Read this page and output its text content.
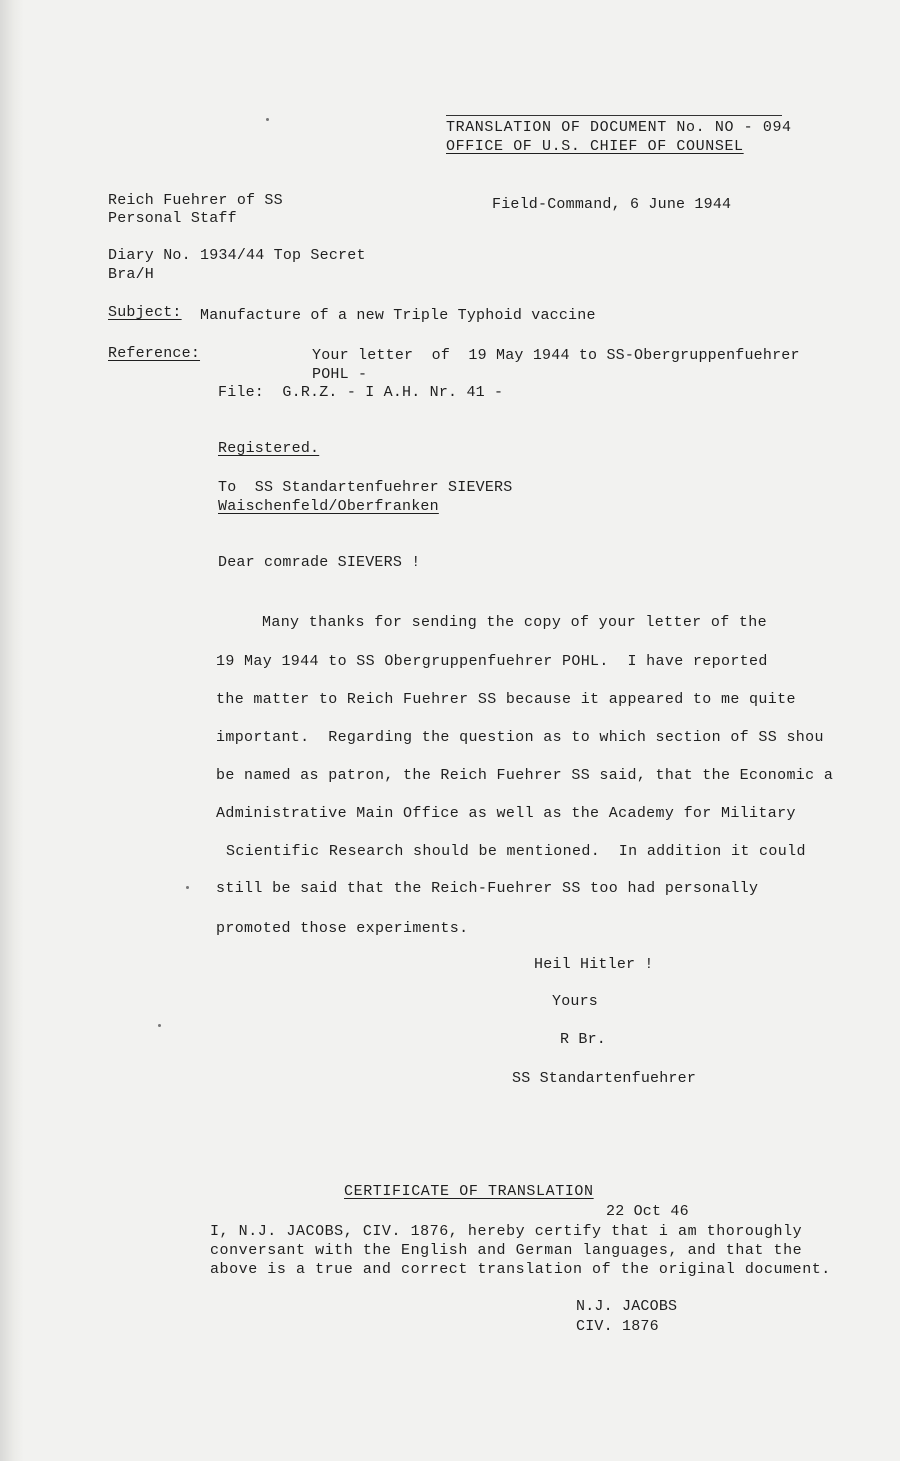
TRANSLATION OF DOCUMENT No. NO - 094
OFFICE OF U.S. CHIEF OF COUNSEL
Reich Fuehrer of SS
Personal Staff
Field-Command, 6 June 1944
Diary No. 1934/44 Top Secret
Bra/H
Subject: Manufacture of a new Triple Typhoid vaccine
Reference:	Your letter  of  19 May 1944 to SS-Obergruppenfuehrer
POHL -
File:  G.R.Z. - I A.H. Nr. 41 -
Registered.
To  SS Standartenfuehrer SIEVERS
Waischenfeld/Oberfranken
Dear comrade SIEVERS !
Many thanks for sending the copy of your letter of the
19 May 1944 to SS Obergruppenfuehrer POHL.  I have reported
the matter to Reich Fuehrer SS because it appeared to me quite
important.  Regarding the question as to which section of SS shou
be named as patron, the Reich Fuehrer SS said, that the Economic a
Administrative Main Office as well as the Academy for Military
Scientific Research should be mentioned.  In addition it could
still be said that the Reich-Fuehrer SS too had personally
promoted those experiments.
Heil Hitler !
Yours
R Br.
SS Standartenfuehrer
CERTIFICATE OF TRANSLATION
22 Oct 46
I, N.J. JACOBS, CIV. 1876, hereby certify that i am thoroughly
conversant with the English and German languages, and that the
above is a true and correct translation of the original document.
N.J. JACOBS
CIV. 1876
